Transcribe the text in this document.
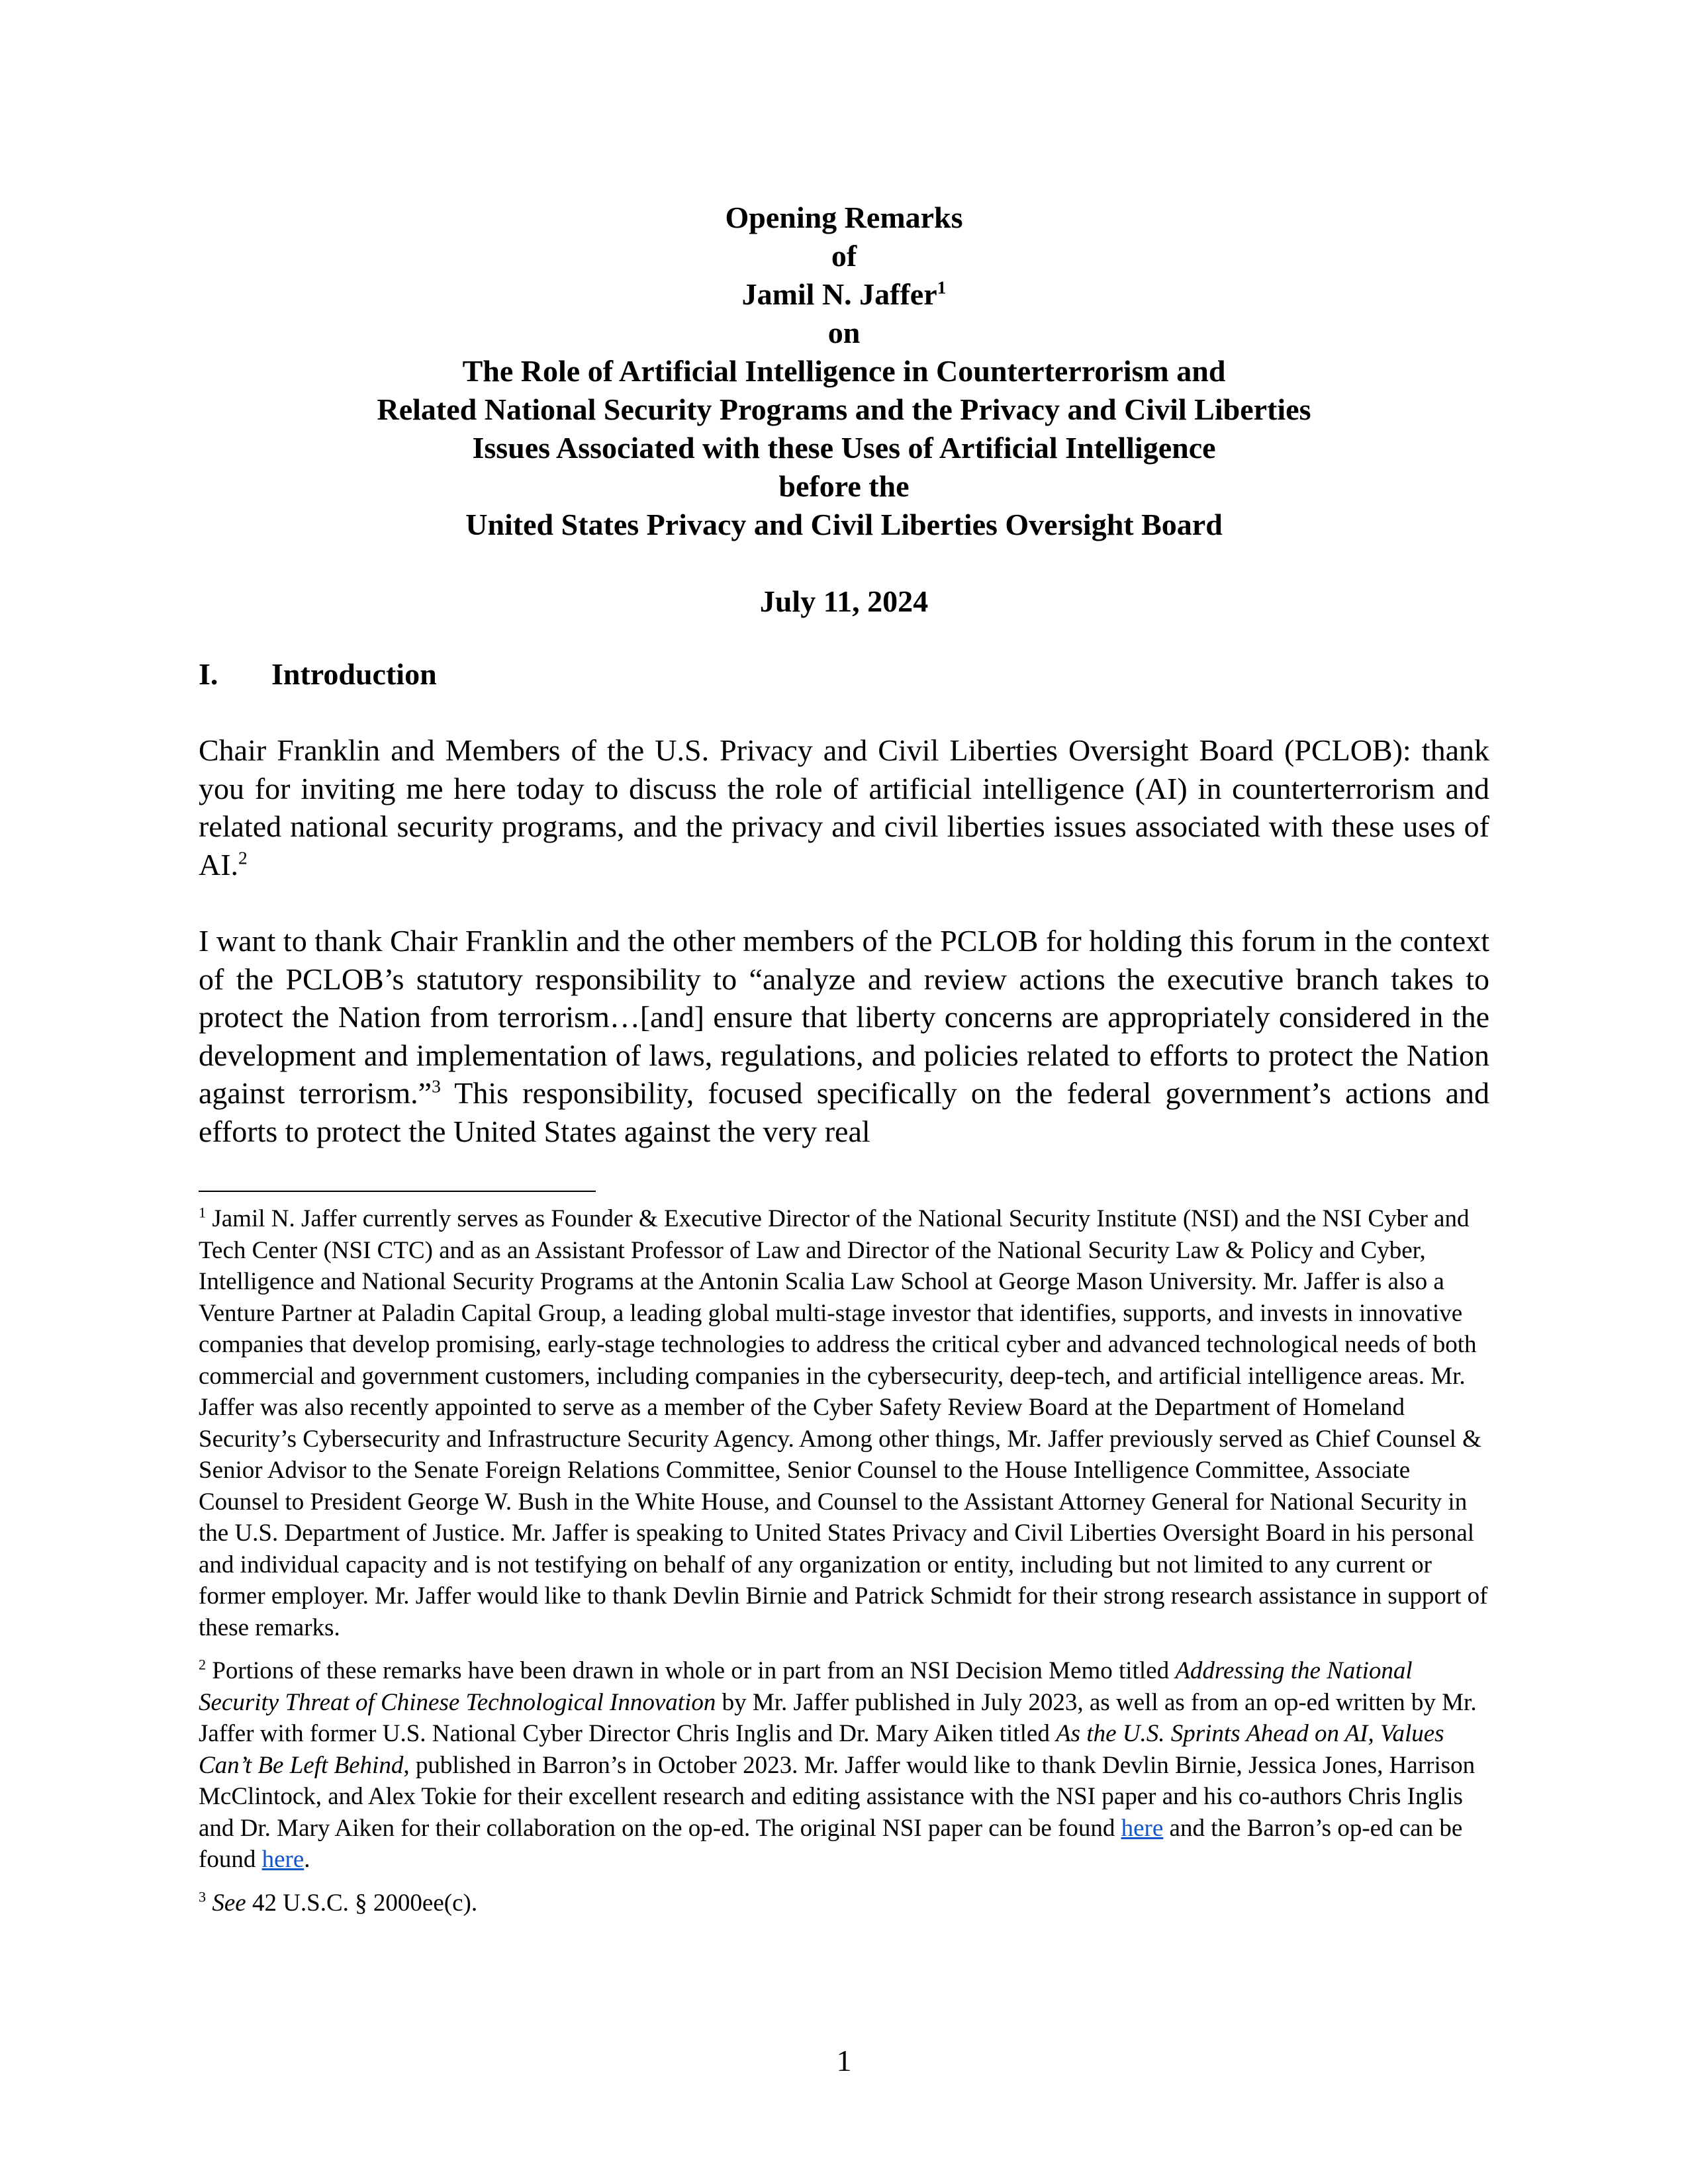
Opening Remarks
of
Jamil N. Jaffer$^1$
on
The Role of Artificial Intelligence in Counterterrorism and
Related National Security Programs and the Privacy and Civil Liberties
Issues Associated with these Uses of Artificial Intelligence
before the
United States Privacy and Civil Liberties Oversight Board
July 11, 2024
I. Introduction

Chair Franklin and Members of the U.S. Privacy and Civil Liberties Oversight Board (PCLOB): thank you for inviting me here today to discuss the role of artificial intelligence (AI) in counterterrorism and related national security programs, and the privacy and civil liberties issues associated with these uses of AI.$^2$

I want to thank Chair Franklin and the other members of the PCLOB for holding this forum in the context of the PCLOB’s statutory responsibility to “analyze and review actions the executive branch takes to protect the Nation from terrorism…[and] ensure that liberty concerns are appropriately considered in the development and implementation of laws, regulations, and policies related to efforts to protect the Nation against terrorism.”$^3$ This responsibility, focused specifically on the federal government’s actions and efforts to protect the United States against the very real

$^1$ Jamil N. Jaffer currently serves as Founder & Executive Director of the National Security Institute (NSI) and the NSI Cyber and Tech Center (NSI CTC) and as an Assistant Professor of Law and Director of the National Security Law & Policy and Cyber, Intelligence and National Security Programs at the Antonin Scalia Law School at George Mason University. Mr. Jaffer is also a Venture Partner at Paladin Capital Group, a leading global multi-stage investor that identifies, supports, and invests in innovative companies that develop promising, early-stage technologies to address the critical cyber and advanced technological needs of both commercial and government customers, including companies in the cybersecurity, deep-tech, and artificial intelligence areas. Mr. Jaffer was also recently appointed to serve as a member of the Cyber Safety Review Board at the Department of Homeland Security’s Cybersecurity and Infrastructure Security Agency. Among other things, Mr. Jaffer previously served as Chief Counsel & Senior Advisor to the Senate Foreign Relations Committee, Senior Counsel to the House Intelligence Committee, Associate Counsel to President George W. Bush in the White House, and Counsel to the Assistant Attorney General for National Security in the U.S. Department of Justice. Mr. Jaffer is speaking to United States Privacy and Civil Liberties Oversight Board in his personal and individual capacity and is not testifying on behalf of any organization or entity, including but not limited to any current or former employer. Mr. Jaffer would like to thank Devlin Birnie and Patrick Schmidt for their strong research assistance in support of these remarks.

$^2$ Portions of these remarks have been drawn in whole or in part from an NSI Decision Memo titled Addressing the National Security Threat of Chinese Technological Innovation by Mr. Jaffer published in July 2023, as well as from an op-ed written by Mr. Jaffer with former U.S. National Cyber Director Chris Inglis and Dr. Mary Aiken titled As the U.S. Sprints Ahead on AI, Values Can’t Be Left Behind, published in Barron’s in October 2023. Mr. Jaffer would like to thank Devlin Birnie, Jessica Jones, Harrison McClintock, and Alex Tokie for their excellent research and editing assistance with the NSI paper and his co-authors Chris Inglis and Dr. Mary Aiken for their collaboration on the op-ed. The original NSI paper can be found here and the Barron’s op-ed can be found here.

$^3$ See 42 U.S.C. § 2000ee(c).

1
